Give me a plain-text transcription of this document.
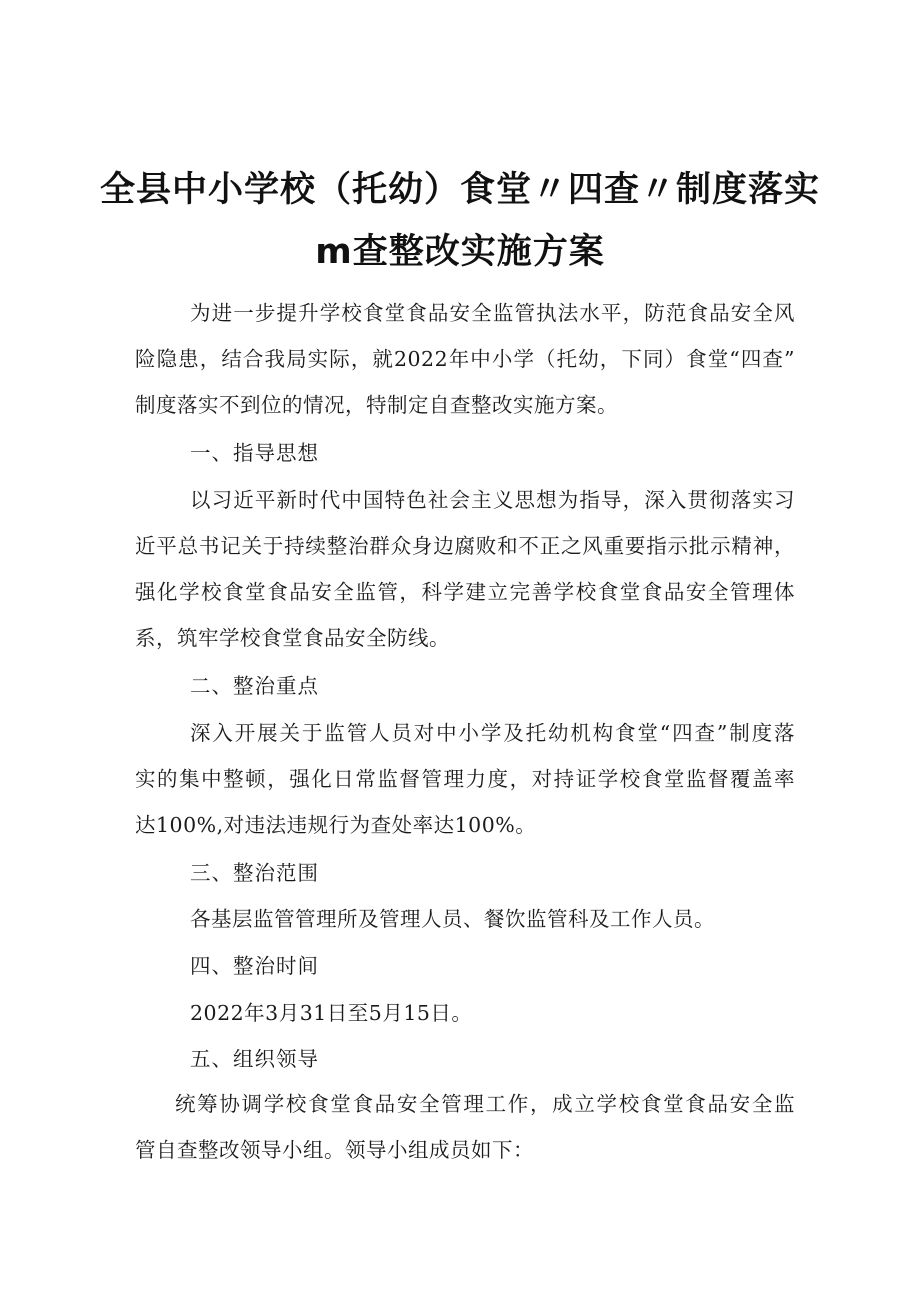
全县中小学校（托幼）食堂〃四查〃制度落实
m查整改实施方案
为进一步提升学校食堂食品安全监管执法水平，防范食品安全风
险隐患，结合我局实际，就2022年中小学（托幼，下同）食堂“四查”
制度落实不到位的情况，特制定自查整改实施方案。
一、指导思想
以习近平新时代中国特色社会主义思想为指导，深入贯彻落实习
近平总书记关于持续整治群众身边腐败和不正之风重要指示批示精神，
强化学校食堂食品安全监管，科学建立完善学校食堂食品安全管理体
系，筑牢学校食堂食品安全防线。
二、整治重点
深入开展关于监管人员对中小学及托幼机构食堂“四查”制度落
实的集中整顿，强化日常监督管理力度，对持证学校食堂监督覆盖率
达100%,对违法违规行为查处率达100%。
三、整治范围
各基层监管管理所及管理人员、餐饮监管科及工作人员。
四、整治时间
2022年3月31日至5月15日。
五、组织领导
统筹协调学校食堂食品安全管理工作，成立学校食堂食品安全监
管自查整改领导小组。领导小组成员如下：
